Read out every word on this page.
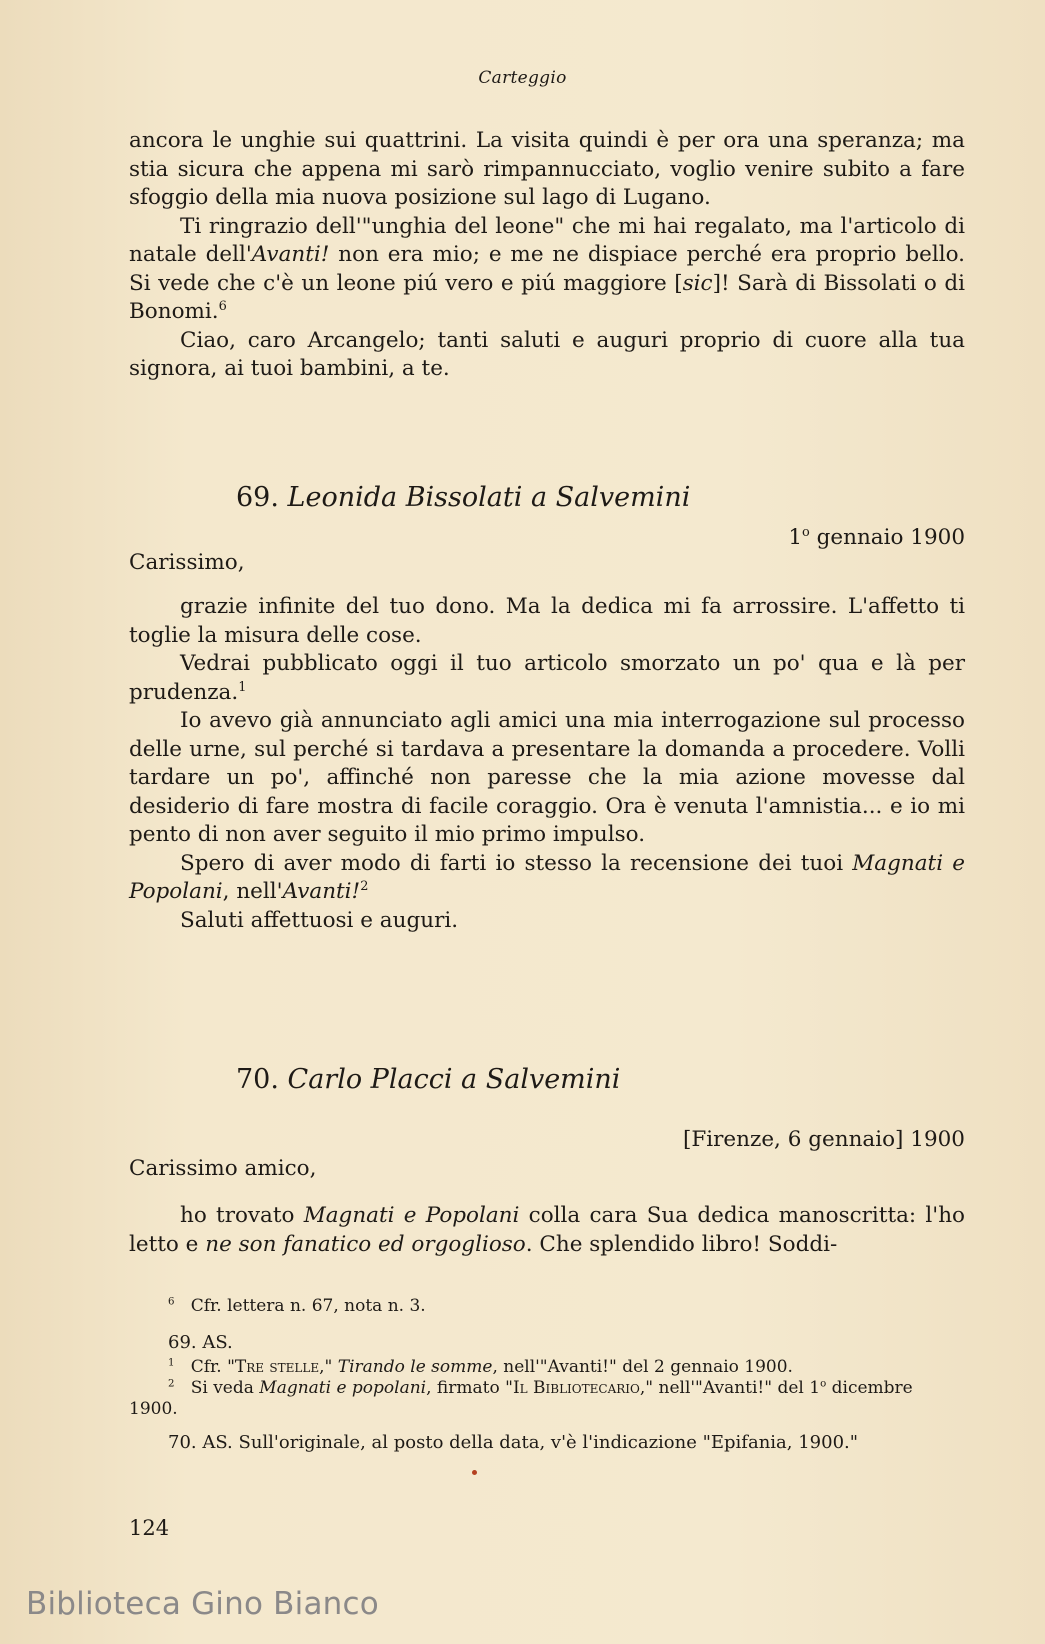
Carteggio

ancora le unghie sui quattrini. La visita quindi è per ora una speranza; ma stia sicura che appena mi sarò rimpannucciato, voglio venire subito a fare sfoggio della mia nuova posizione sul lago di Lugano.

Ti ringrazio dell'"unghia del leone" che mi hai regalato, ma l'articolo di natale dell'Avanti! non era mio; e me ne dispiace perché era proprio bello. Si vede che c'è un leone piú vero e piú maggiore [sic]! Sarà di Bissolati o di Bonomi.$^6$

Ciao, caro Arcangelo; tanti saluti e auguri proprio di cuore alla tua signora, ai tuoi bambini, a te.

69. Leonida Bissolati a Salvemini
1$^o$ gennaio 1900
Carissimo,

grazie infinite del tuo dono. Ma la dedica mi fa arrossire. L'affetto ti toglie la misura delle cose.

Vedrai pubblicato oggi il tuo articolo smorzato un po' qua e là per prudenza.$^1$

Io avevo già annunciato agli amici una mia interrogazione sul processo delle urne, sul perché si tardava a presentare la domanda a procedere. Volli tardare un po', affinché non paresse che la mia azione movesse dal desiderio di fare mostra di facile coraggio. Ora è venuta l'amnistia... e io mi pento di non aver seguito il mio primo impulso.

Spero di aver modo di farti io stesso la recensione dei tuoi Magnati e Popolani, nell'Avanti!$^2$

Saluti affettuosi e auguri.

70. Carlo Placci a Salvemini
[Firenze, 6 gennaio] 1900
Carissimo amico,

ho trovato Magnati e Popolani colla cara Sua dedica manoscritta: l'ho letto e ne son fanatico ed orgoglioso. Che splendido libro! Soddi-

$^6$ Cfr. lettera n. 67, nota n. 3.

69. AS.

$^1$ Cfr. "Tre stelle," Tirando le somme, nell'"Avanti!" del 2 gennaio 1900.

$^2$ Si veda Magnati e popolani, firmato "Il Bibliotecario," nell'"Avanti!" del 1$^o$ dicembre

1900.

70. AS. Sull'originale, al posto della data, v'è l'indicazione "Epifania, 1900."

124
Biblioteca Gino Bianco
